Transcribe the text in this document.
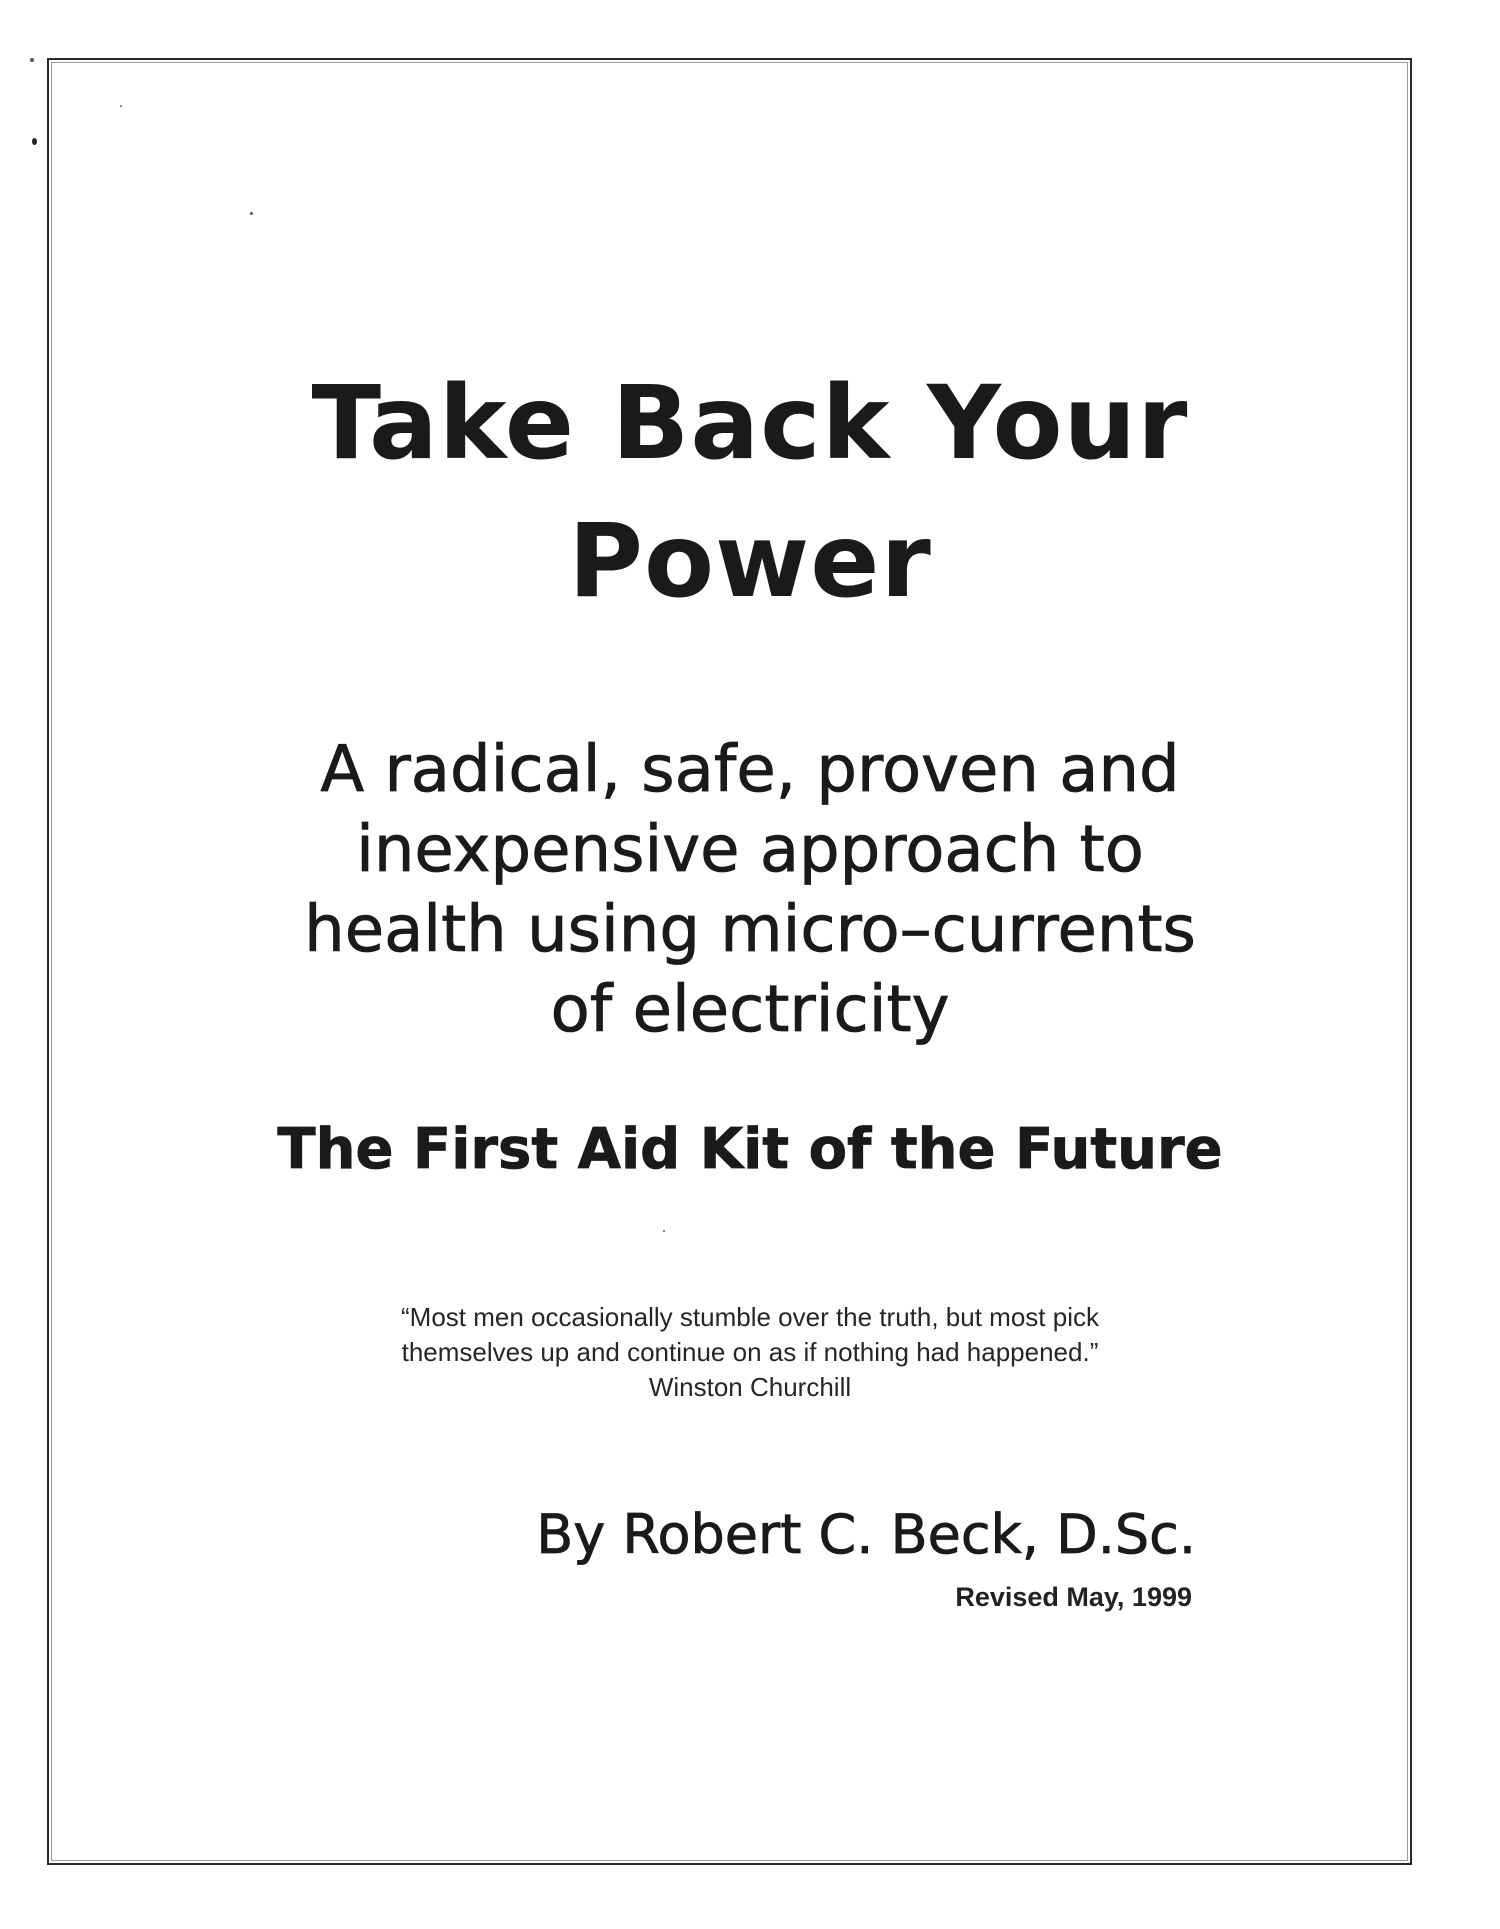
Take Back Your
Power
A radical, safe, proven and
inexpensive approach to
health using micro–currents
of electricity
The First Aid Kit of the Future

“Most men occasionally stumble over the truth, but most pick

themselves up and continue on as if nothing had happened.”

Winston Churchill

By Robert C. Beck, D.Sc.
Revised May, 1999
